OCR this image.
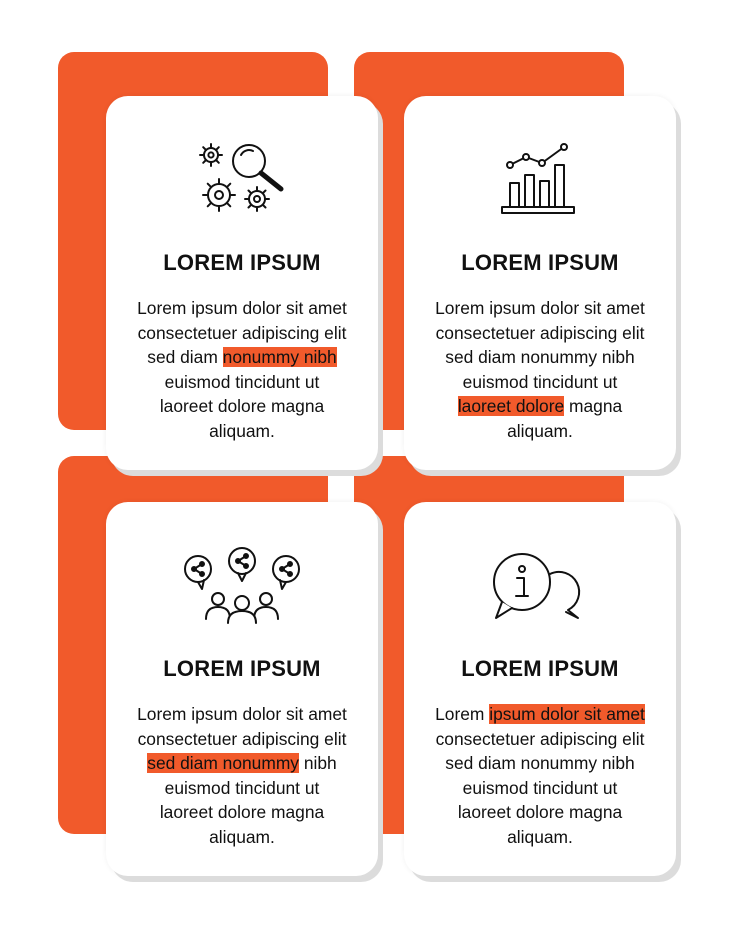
LOREM IPSUM
Lorem ipsum dolor sit amet
consectetuer adipiscing elit
sed diam nonummy nibh
euismod tincidunt ut
laoreet dolore magna
aliquam.
LOREM IPSUM
Lorem ipsum dolor sit amet
consectetuer adipiscing elit
sed diam nonummy nibh
euismod tincidunt ut
laoreet dolore magna
aliquam.
LOREM IPSUM
Lorem ipsum dolor sit amet
consectetuer adipiscing elit
sed diam nonummy nibh
euismod tincidunt ut
laoreet dolore magna
aliquam.
LOREM IPSUM
Lorem ipsum dolor sit amet
consectetuer adipiscing elit
sed diam nonummy nibh
euismod tincidunt ut
laoreet dolore magna
aliquam.
